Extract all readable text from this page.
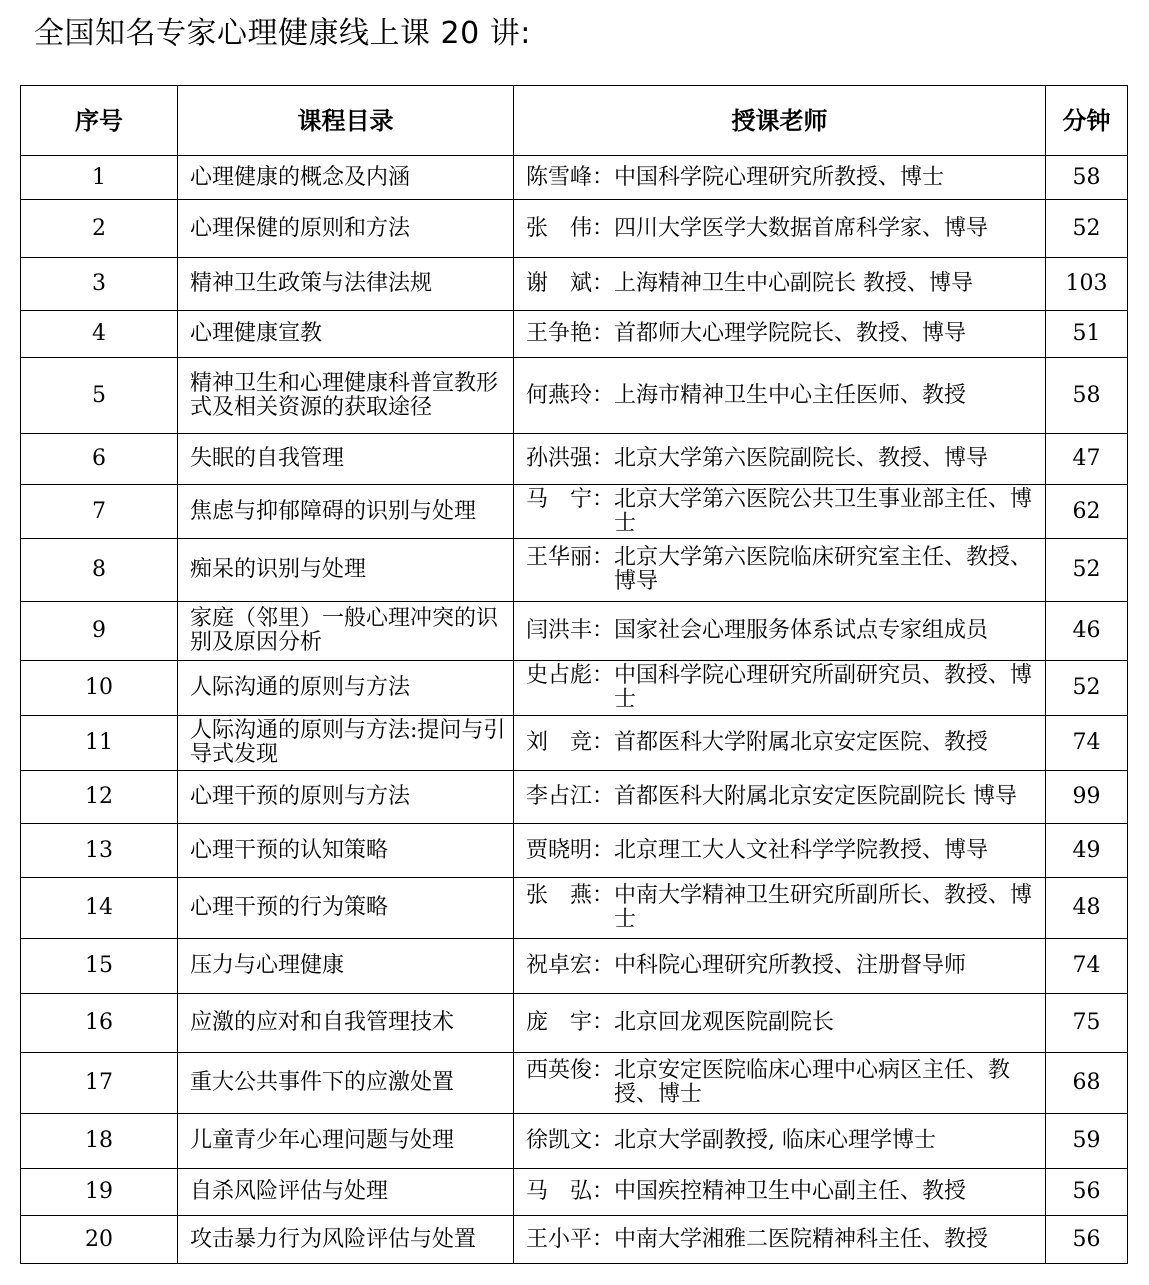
全国知名专家心理健康线上课 20 讲:
序号	课程目录	授课老师	分钟
1	心理健康的概念及内涵	陈雪峰 ： 中国科学院心理研究所教授、博士	58
2	心理保健的原则和方法	张　伟 ： 四川大学医学大数据首席科学家、博导	52
3	精神卫生政策与法律法规	谢　斌 ： 上海精神卫生中心副院长 教授、博导	103
4	心理健康宣教	王争艳 ： 首都师大心理学院院长、教授、博导	51
5	精神卫生和心理健康科普宣教形式及相关资源的获取途径	何燕玲 ： 上海市精神卫生中心主任医师、教授	58
6	失眠的自我管理	孙洪强 ： 北京大学第六医院副院长、教授、博导	47
7	焦虑与抑郁障碍的识别与处理	马　宁 ： 北京大学第六医院公共卫生事业部主任、博士	62
8	痴呆的识别与处理	王华丽 ： 北京大学第六医院临床研究室主任、教授、博导	52
9	家庭（邻里）一般心理冲突的识别及原因分析	闫洪丰 ： 国家社会心理服务体系试点专家组成员	46
10	人际沟通的原则与方法	史占彪 ： 中国科学院心理研究所副研究员、教授、博士	52
11	人际沟通的原则与方法:提问与引导式发现	刘　竞 ： 首都医科大学附属北京安定医院、教授	74
12	心理干预的原则与方法	李占江 ： 首都医科大附属北京安定医院副院长 博导	99
13	心理干预的认知策略	贾晓明 ： 北京理工大人文社科学学院教授、博导	49
14	心理干预的行为策略	张　燕 ： 中南大学精神卫生研究所副所长、教授、博士	48
15	压力与心理健康	祝卓宏 ： 中科院心理研究所教授、注册督导师	74
16	应激的应对和自我管理技术	庞　宇 ： 北京回龙观医院副院长	75
17	重大公共事件下的应激处置	西英俊 ： 北京安定医院临床心理中心病区主任、教授、博士	68
18	儿童青少年心理问题与处理	徐凯文 ： 北京大学副教授, 临床心理学博士	59
19	自杀风险评估与处理	马　弘 ： 中国疾控精神卫生中心副主任、教授	56
20	攻击暴力行为风险评估与处置	王小平 ： 中南大学湘雅二医院精神科主任、教授	56
